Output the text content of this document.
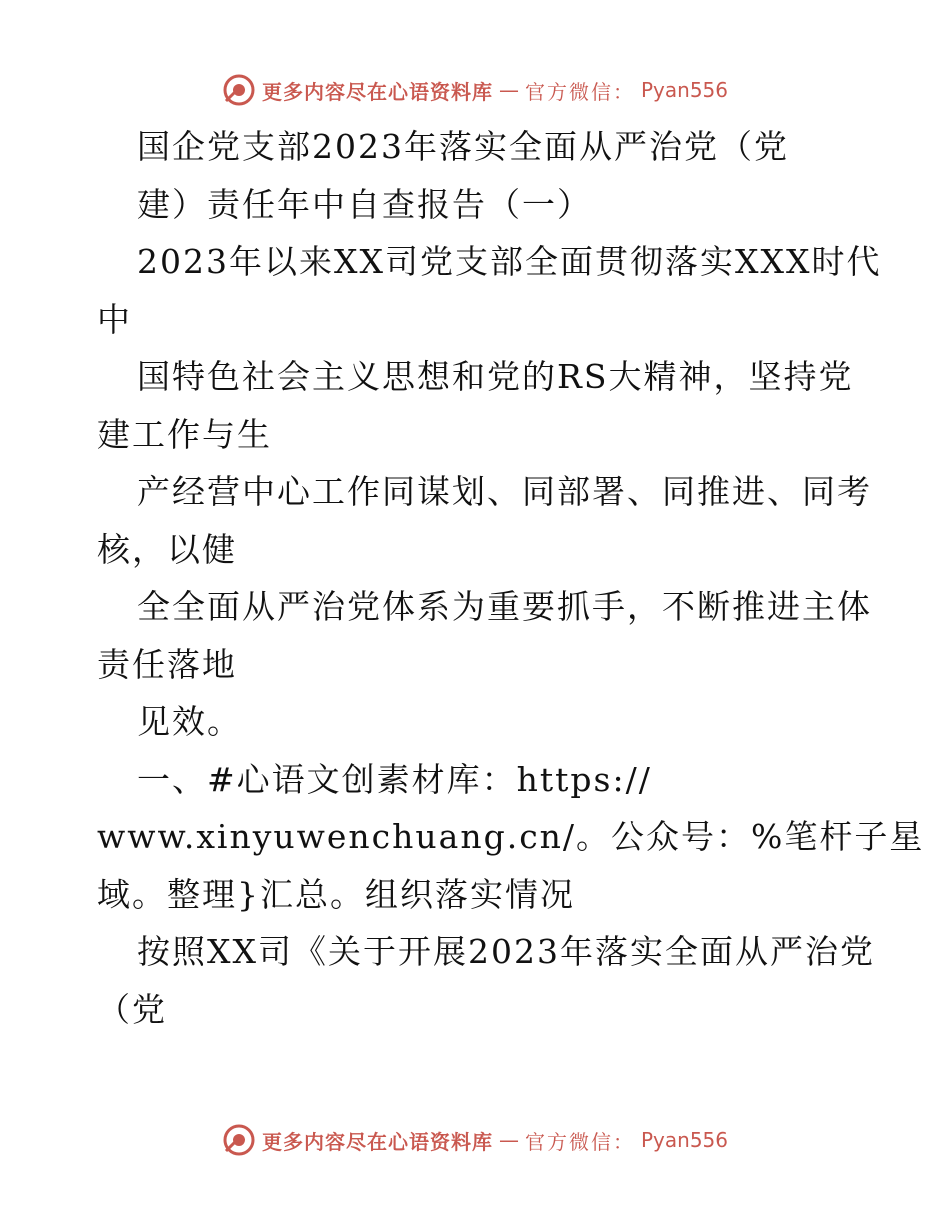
更多内容尽在心语资料库 — 官方微信： Pyan556
国企党支部2023年落实全面从严治党（党
建）责任年中自查报告（一）
2023年以来XX司党支部全面贯彻落实XXX时代
中
国特色社会主义思想和党的RS大精神，坚持党
建工作与生
产经营中心工作同谋划、同部署、同推进、同考
核，以健
全全面从严治党体系为重要抓手，不断推进主体
责任落地
见效。
一、#心语文创素材库：https://
www.xinyuwenchuang.cn/。公众号：%笔杆子星
域。整理}汇总。组织落实情况
按照XX司《关于开展2023年落实全面从严治党
（党
更多内容尽在心语资料库 — 官方微信： Pyan556
